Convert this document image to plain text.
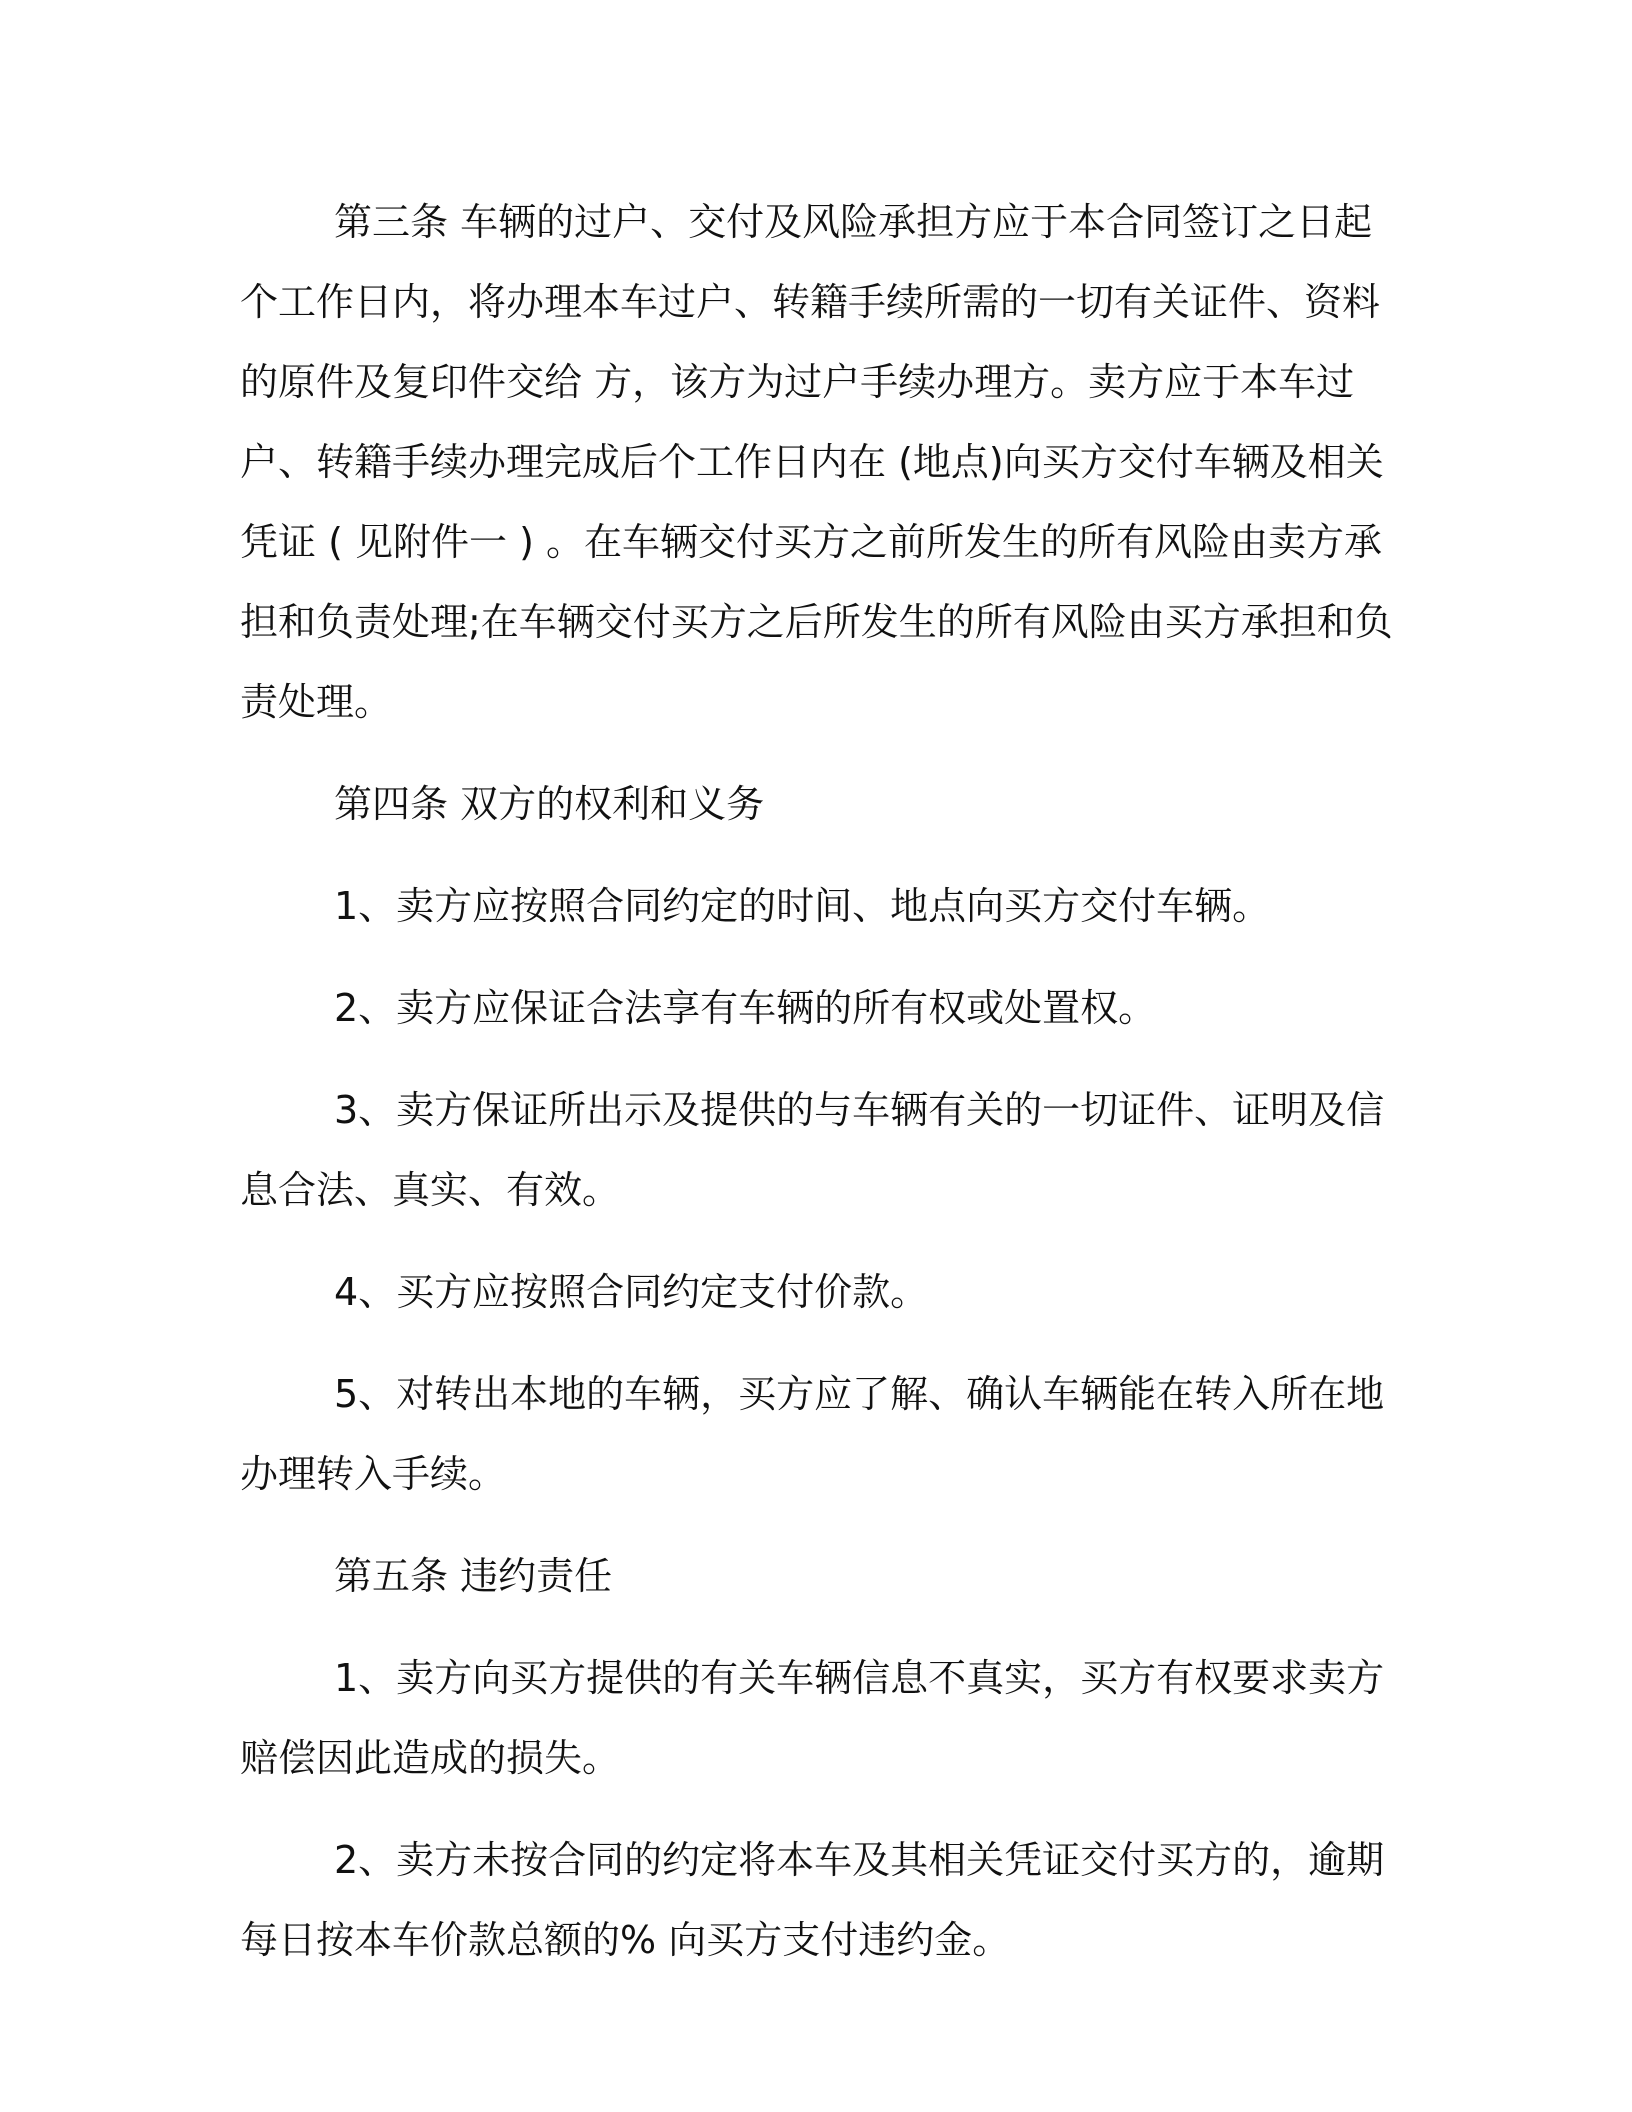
第三条 车辆的过户、交付及风险承担方应于本合同签订之日起个工作日内，将办理本车过户、转籍手续所需的一切有关证件、资料的原件及复印件交给 方，该方为过户手续办理方。卖方应于本车过户、转籍手续办理完成后个工作日内在 (地点)向买方交付车辆及相关凭证 ( 见附件一 ) 。在车辆交付买方之前所发生的所有风险由卖方承担和负责处理;在车辆交付买方之后所发生的所有风险由买方承担和负责处理。

第四条 双方的权利和义务

1、卖方应按照合同约定的时间、地点向买方交付车辆。

2、卖方应保证合法享有车辆的所有权或处置权。

3、卖方保证所出示及提供的与车辆有关的一切证件、证明及信息合法、真实、有效。

4、买方应按照合同约定支付价款。

5、对转出本地的车辆，买方应了解、确认车辆能在转入所在地办理转入手续。

第五条 违约责任

1、卖方向买方提供的有关车辆信息不真实，买方有权要求卖方赔偿因此造成的损失。

2、卖方未按合同的约定将本车及其相关凭证交付买方的，逾期每日按本车价款总额的% 向买方支付违约金。
